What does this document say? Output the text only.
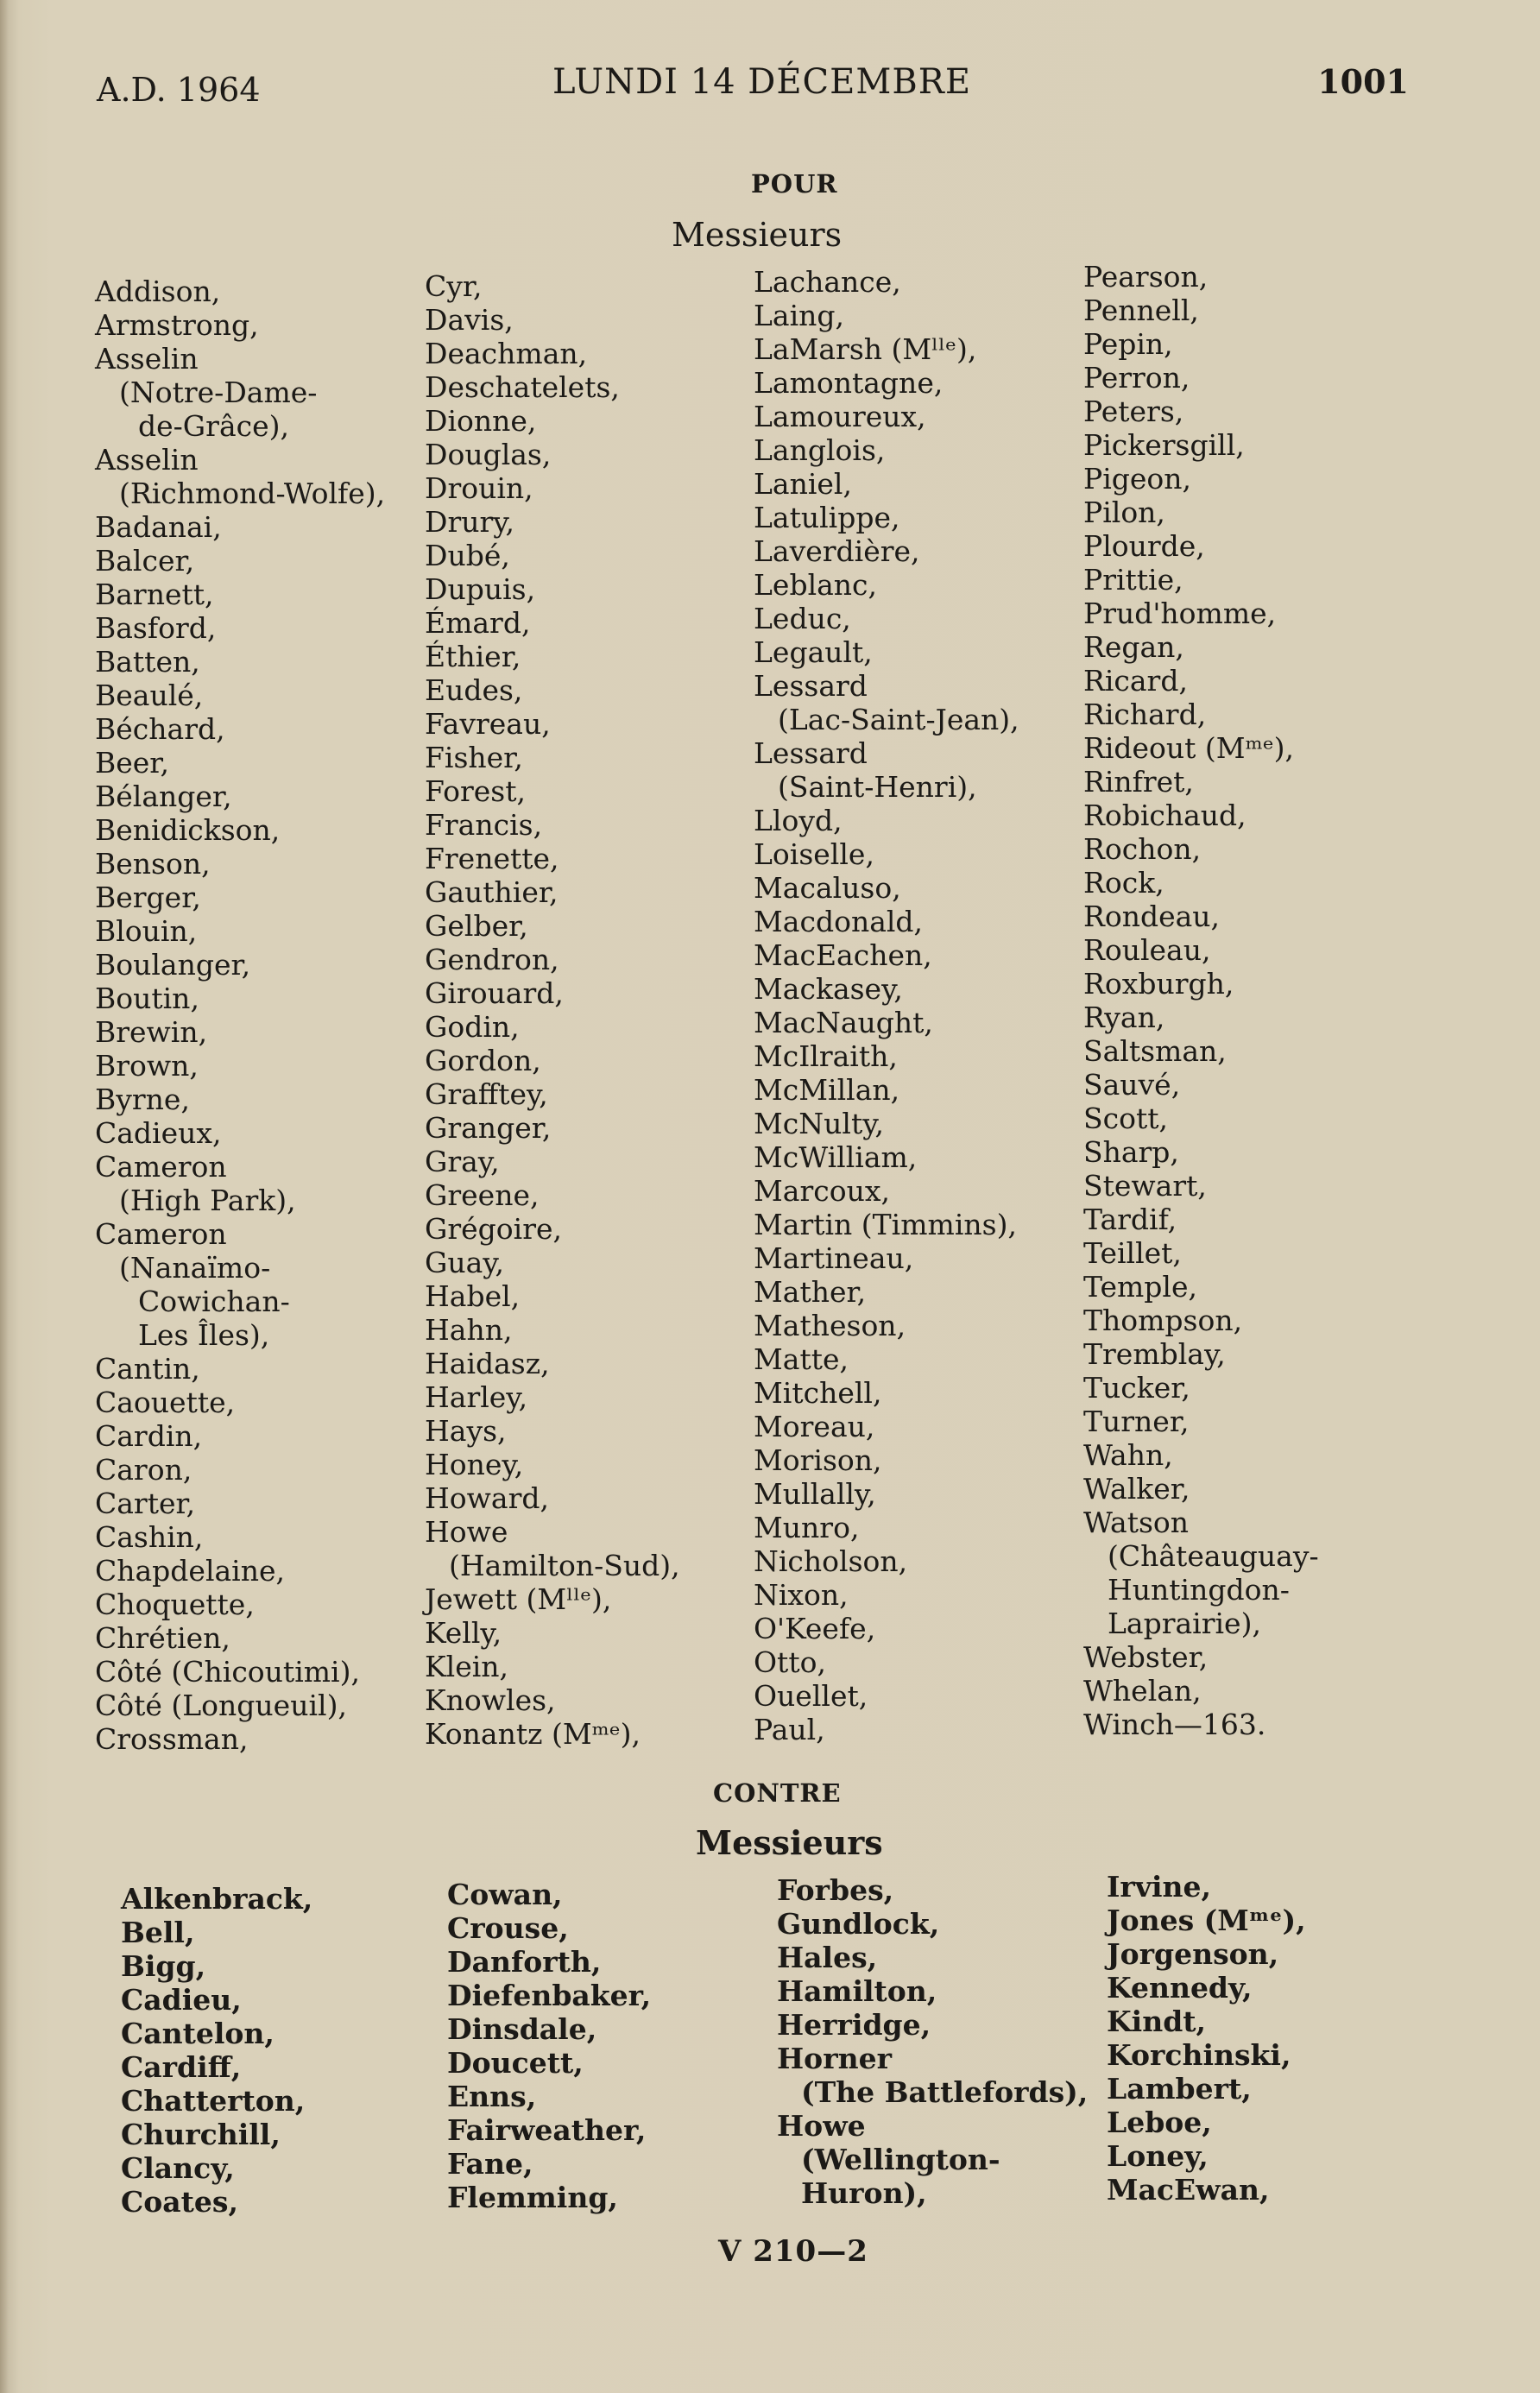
A.D. 1964	LUNDI 14 DÉCEMBRE	1001
POUR
Messieurs
Addison,
Armstrong,
Asselin
(Notre-Dame-
de-Grâce),
Asselin
(Richmond-Wolfe),
Badanai,
Balcer,
Barnett,
Basford,
Batten,
Beaulé,
Béchard,
Beer,
Bélanger,
Benidickson,
Benson,
Berger,
Blouin,
Boulanger,
Boutin,
Brewin,
Brown,
Byrne,
Cadieux,
Cameron
(High Park),
Cameron
(Nanaïmo-
Cowichan-
Les Îles),
Cantin,
Caouette,
Cardin,
Caron,
Carter,
Cashin,
Chapdelaine,
Choquette,
Chrétien,
Côté (Chicoutimi),
Côté (Longueuil),
Crossman,
Cyr,
Davis,
Deachman,
Deschatelets,
Dionne,
Douglas,
Drouin,
Drury,
Dubé,
Dupuis,
Émard,
Éthier,
Eudes,
Favreau,
Fisher,
Forest,
Francis,
Frenette,
Gauthier,
Gelber,
Gendron,
Girouard,
Godin,
Gordon,
Grafftey,
Granger,
Gray,
Greene,
Grégoire,
Guay,
Habel,
Hahn,
Haidasz,
Harley,
Hays,
Honey,
Howard,
Howe
(Hamilton-Sud),
Jewett (Mˡˡᵉ),
Kelly,
Klein,
Knowles,
Konantz (Mᵐᵉ),
Lachance,
Laing,
LaMarsh (Mˡˡᵉ),
Lamontagne,
Lamoureux,
Langlois,
Laniel,
Latulippe,
Laverdière,
Leblanc,
Leduc,
Legault,
Lessard
(Lac-Saint-Jean),
Lessard
(Saint-Henri),
Lloyd,
Loiselle,
Macaluso,
Macdonald,
MacEachen,
Mackasey,
MacNaught,
McIlraith,
McMillan,
McNulty,
McWilliam,
Marcoux,
Martin (Timmins),
Martineau,
Mather,
Matheson,
Matte,
Mitchell,
Moreau,
Morison,
Mullally,
Munro,
Nicholson,
Nixon,
O'Keefe,
Otto,
Ouellet,
Paul,
Pearson,
Pennell,
Pepin,
Perron,
Peters,
Pickersgill,
Pigeon,
Pilon,
Plourde,
Prittie,
Prud'homme,
Regan,
Ricard,
Richard,
Rideout (Mᵐᵉ),
Rinfret,
Robichaud,
Rochon,
Rock,
Rondeau,
Rouleau,
Roxburgh,
Ryan,
Saltsman,
Sauvé,
Scott,
Sharp,
Stewart,
Tardif,
Teillet,
Temple,
Thompson,
Tremblay,
Tucker,
Turner,
Wahn,
Walker,
Watson
(Châteauguay-
Huntingdon-
Laprairie),
Webster,
Whelan,
Winch—163.
CONTRE
Messieurs
Alkenbrack,
Bell,
Bigg,
Cadieu,
Cantelon,
Cardiff,
Chatterton,
Churchill,
Clancy,
Coates,
Cowan,
Crouse,
Danforth,
Diefenbaker,
Dinsdale,
Doucett,
Enns,
Fairweather,
Fane,
Flemming,
Forbes,
Gundlock,
Hales,
Hamilton,
Herridge,
Horner
(The Battlefords),
Howe
(Wellington-
Huron),
Irvine,
Jones (Mᵐᵉ),
Jorgenson,
Kennedy,
Kindt,
Korchinski,
Lambert,
Leboe,
Loney,
MacEwan,
V 210—2
